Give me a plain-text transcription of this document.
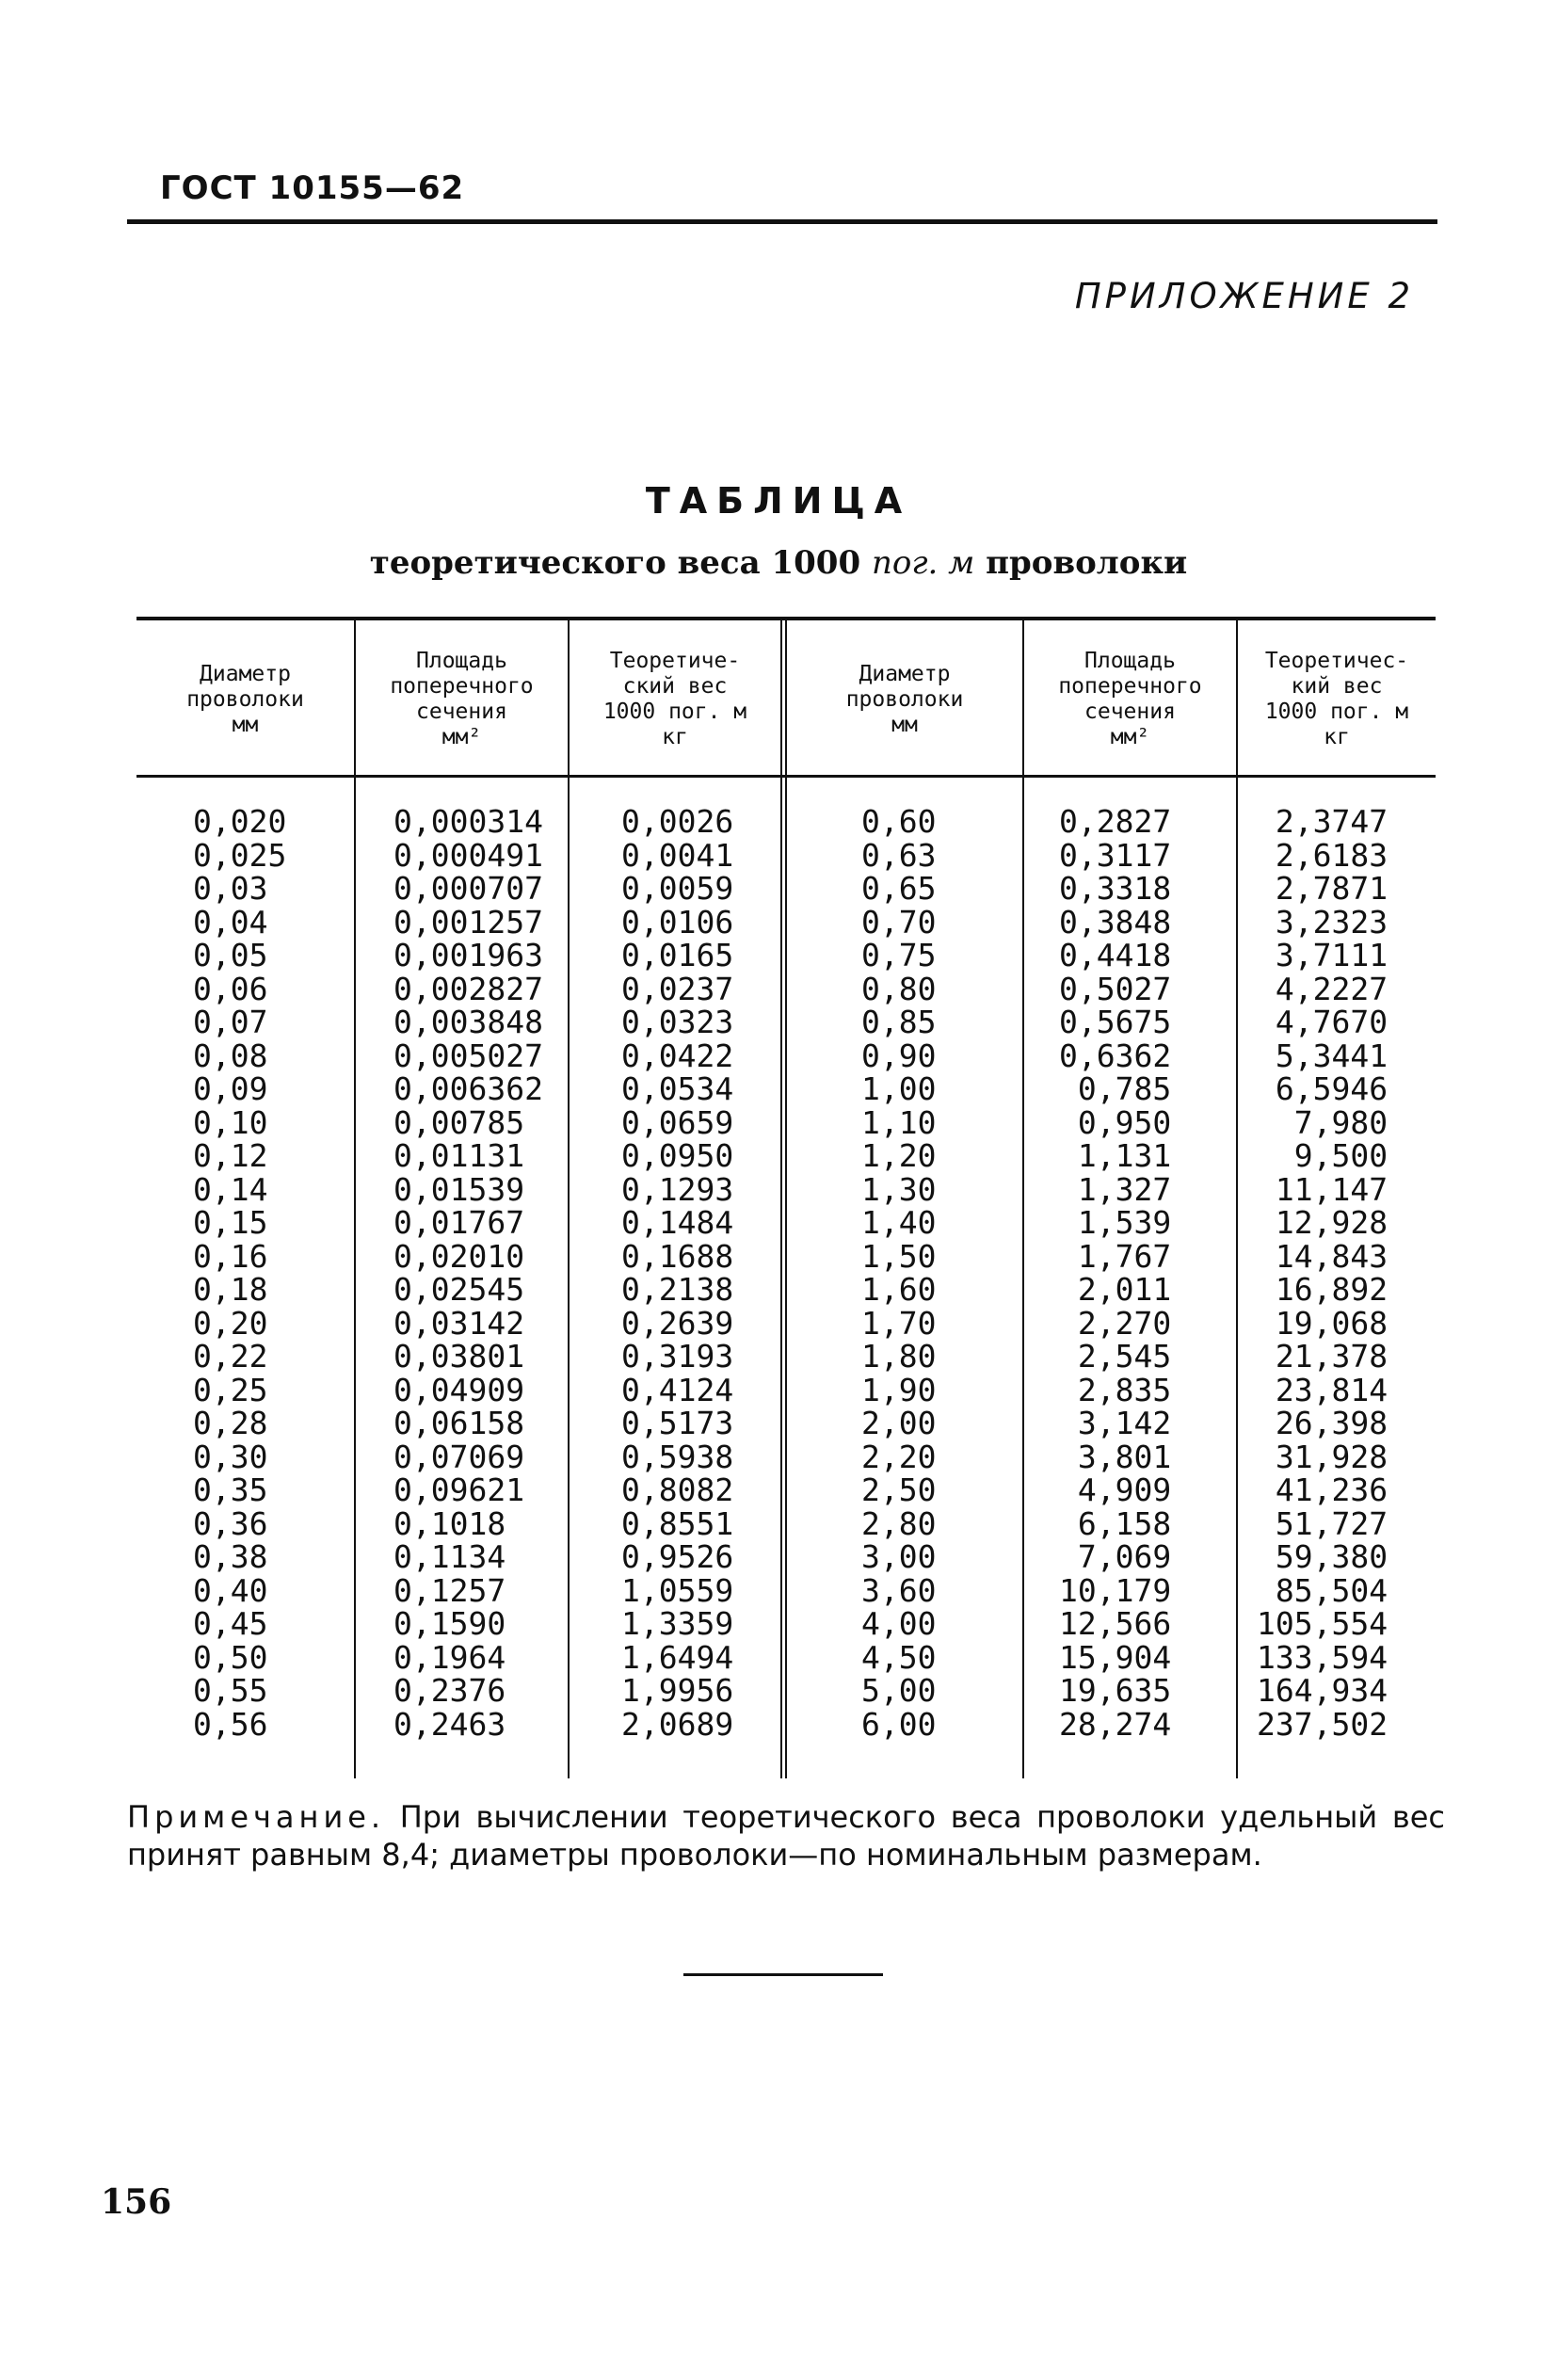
ГОСТ 10155—62
ПРИЛОЖЕНИЕ 2
ТАБЛИЦА
теоретического веса 1000 пог. м проволоки
Диаметр
проволоки
мм
Площадь
поперечного
сечения
мм²
Теоретиче-
ский вес
1000 пог. м
кг
Диаметр
проволоки
мм
Площадь
поперечного
сечения
мм²
Теоретичес-
кий вес
1000 пог. м
кг
0,020
0,025
0,03
0,04
0,05
0,06
0,07
0,08
0,09
0,10
0,12
0,14
0,15
0,16
0,18
0,20
0,22
0,25
0,28
0,30
0,35
0,36
0,38
0,40
0,45
0,50
0,55
0,56
0,000314
0,000491
0,000707
0,001257
0,001963
0,002827
0,003848
0,005027
0,006362
0,00785
0,01131
0,01539
0,01767
0,02010
0,02545
0,03142
0,03801
0,04909
0,06158
0,07069
0,09621
0,1018
0,1134
0,1257
0,1590
0,1964
0,2376
0,2463
0,0026
0,0041
0,0059
0,0106
0,0165
0,0237
0,0323
0,0422
0,0534
0,0659
0,0950
0,1293
0,1484
0,1688
0,2138
0,2639
0,3193
0,4124
0,5173
0,5938
0,8082
0,8551
0,9526
1,0559
1,3359
1,6494
1,9956
2,0689
0,60
0,63
0,65
0,70
0,75
0,80
0,85
0,90
1,00
1,10
1,20
1,30
1,40
1,50
1,60
1,70
1,80
1,90
2,00
2,20
2,50
2,80
3,00
3,60
4,00
4,50
5,00
6,00
0,2827
0,3117
0,3318
0,3848
0,4418
0,5027
0,5675
0,6362
0,785
0,950
1,131
1,327
1,539
1,767
2,011
2,270
2,545
2,835
3,142
3,801
4,909
6,158
7,069
10,179
12,566
15,904
19,635
28,274
2,3747
2,6183
2,7871
3,2323
3,7111
4,2227
4,7670
5,3441
6,5946
7,980
9,500
11,147
12,928
14,843
16,892
19,068
21,378
23,814
26,398
31,928
41,236
51,727
59,380
85,504
105,554
133,594
164,934
237,502
Примечание. При вычислении теоретического веса проволоки удельный вес принят равным 8,4; диаметры проволоки—по номинальным размерам.
156
